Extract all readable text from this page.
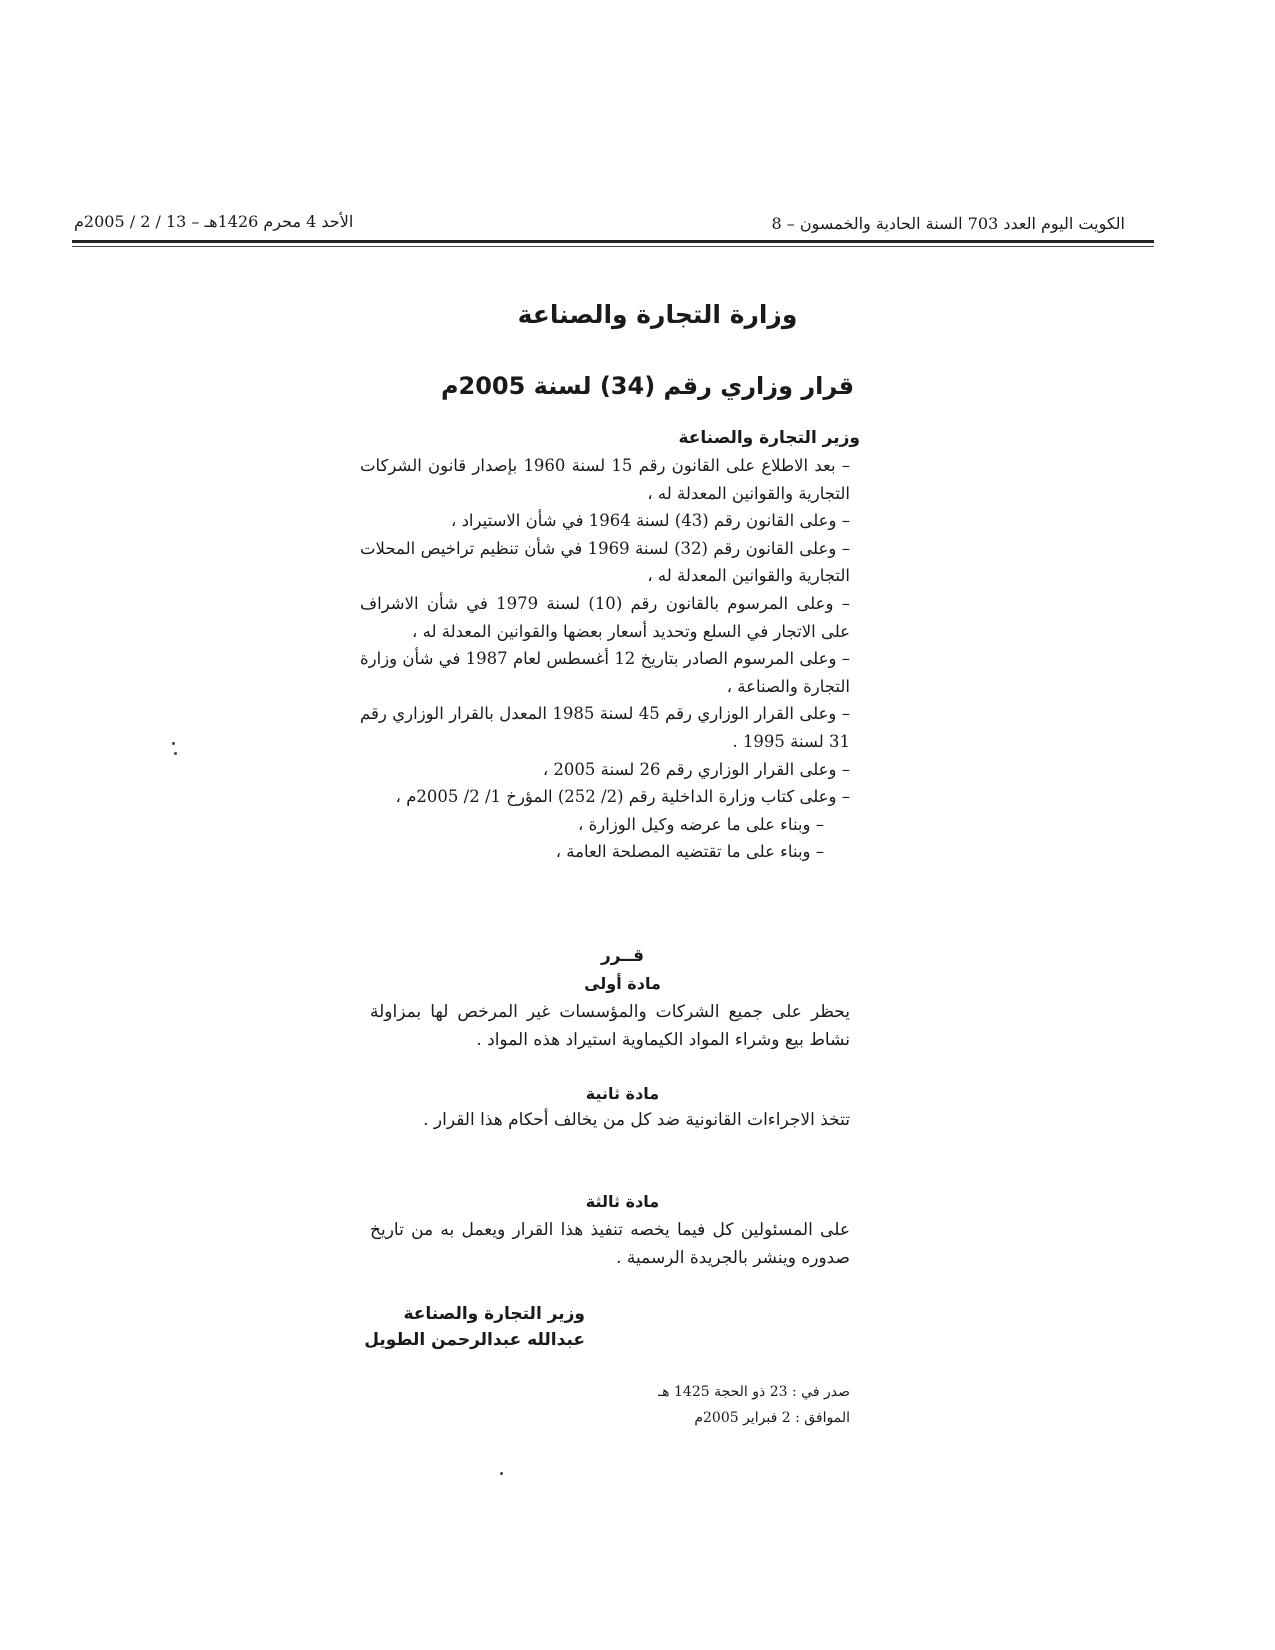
الكويت اليوم العدد 703 السنة الحادية والخمسون – 8
الأحد 4 محرم 1426هـ – 13 / 2 / 2005م
وزارة التجارة والصناعة
قرار وزاري رقم (34) لسنة 2005م
وزير التجارة والصناعة
– بعد الاطلاع على القانون رقم 15 لسنة 1960 بإصدار قانون الشركات التجارية والقوانين المعدلة له ،
– وعلى القانون رقم (43) لسنة 1964 في شأن الاستيراد ،
– وعلى القانون رقم (32) لسنة 1969 في شأن تنظيم تراخيص المحلات التجارية والقوانين المعدلة له ،
– وعلى المرسوم بالقانون رقم (10) لسنة 1979 في شأن الاشراف على الاتجار في السلع وتحديد أسعار بعضها والقوانين المعدلة له ،
– وعلى المرسوم الصادر بتاريخ 12 أغسطس لعام 1987 في شأن وزارة التجارة والصناعة ،
– وعلى القرار الوزاري رقم 45 لسنة 1985 المعدل بالقرار الوزاري رقم 31 لسنة 1995 .
– وعلى القرار الوزاري رقم 26 لسنة 2005 ،
– وعلى كتاب وزارة الداخلية رقم (2/ 252) المؤرخ 1/ 2/ 2005م ،
– وبناء على ما عرضه وكيل الوزارة ،
– وبناء على ما تقتضيه المصلحة العامة ،
قــرر
مادة أولى

يحظر على جميع الشركات والمؤسسات غير المرخص لها بمزاولة نشاط بيع وشراء المواد الكيماوية استيراد هذه المواد .

مادة ثانية

تتخذ الاجراءات القانونية ضد كل من يخالف أحكام هذا القرار .

مادة ثالثة

على المسئولين كل فيما يخصه تنفيذ هذا القرار ويعمل به من تاريخ صدوره وينشر بالجريدة الرسمية .

وزير التجارة والصناعة
عبدالله عبدالرحمن الطويل
صدر في : 23 ذو الحجة 1425 هـ
الموافق : 2 فبراير 2005م
